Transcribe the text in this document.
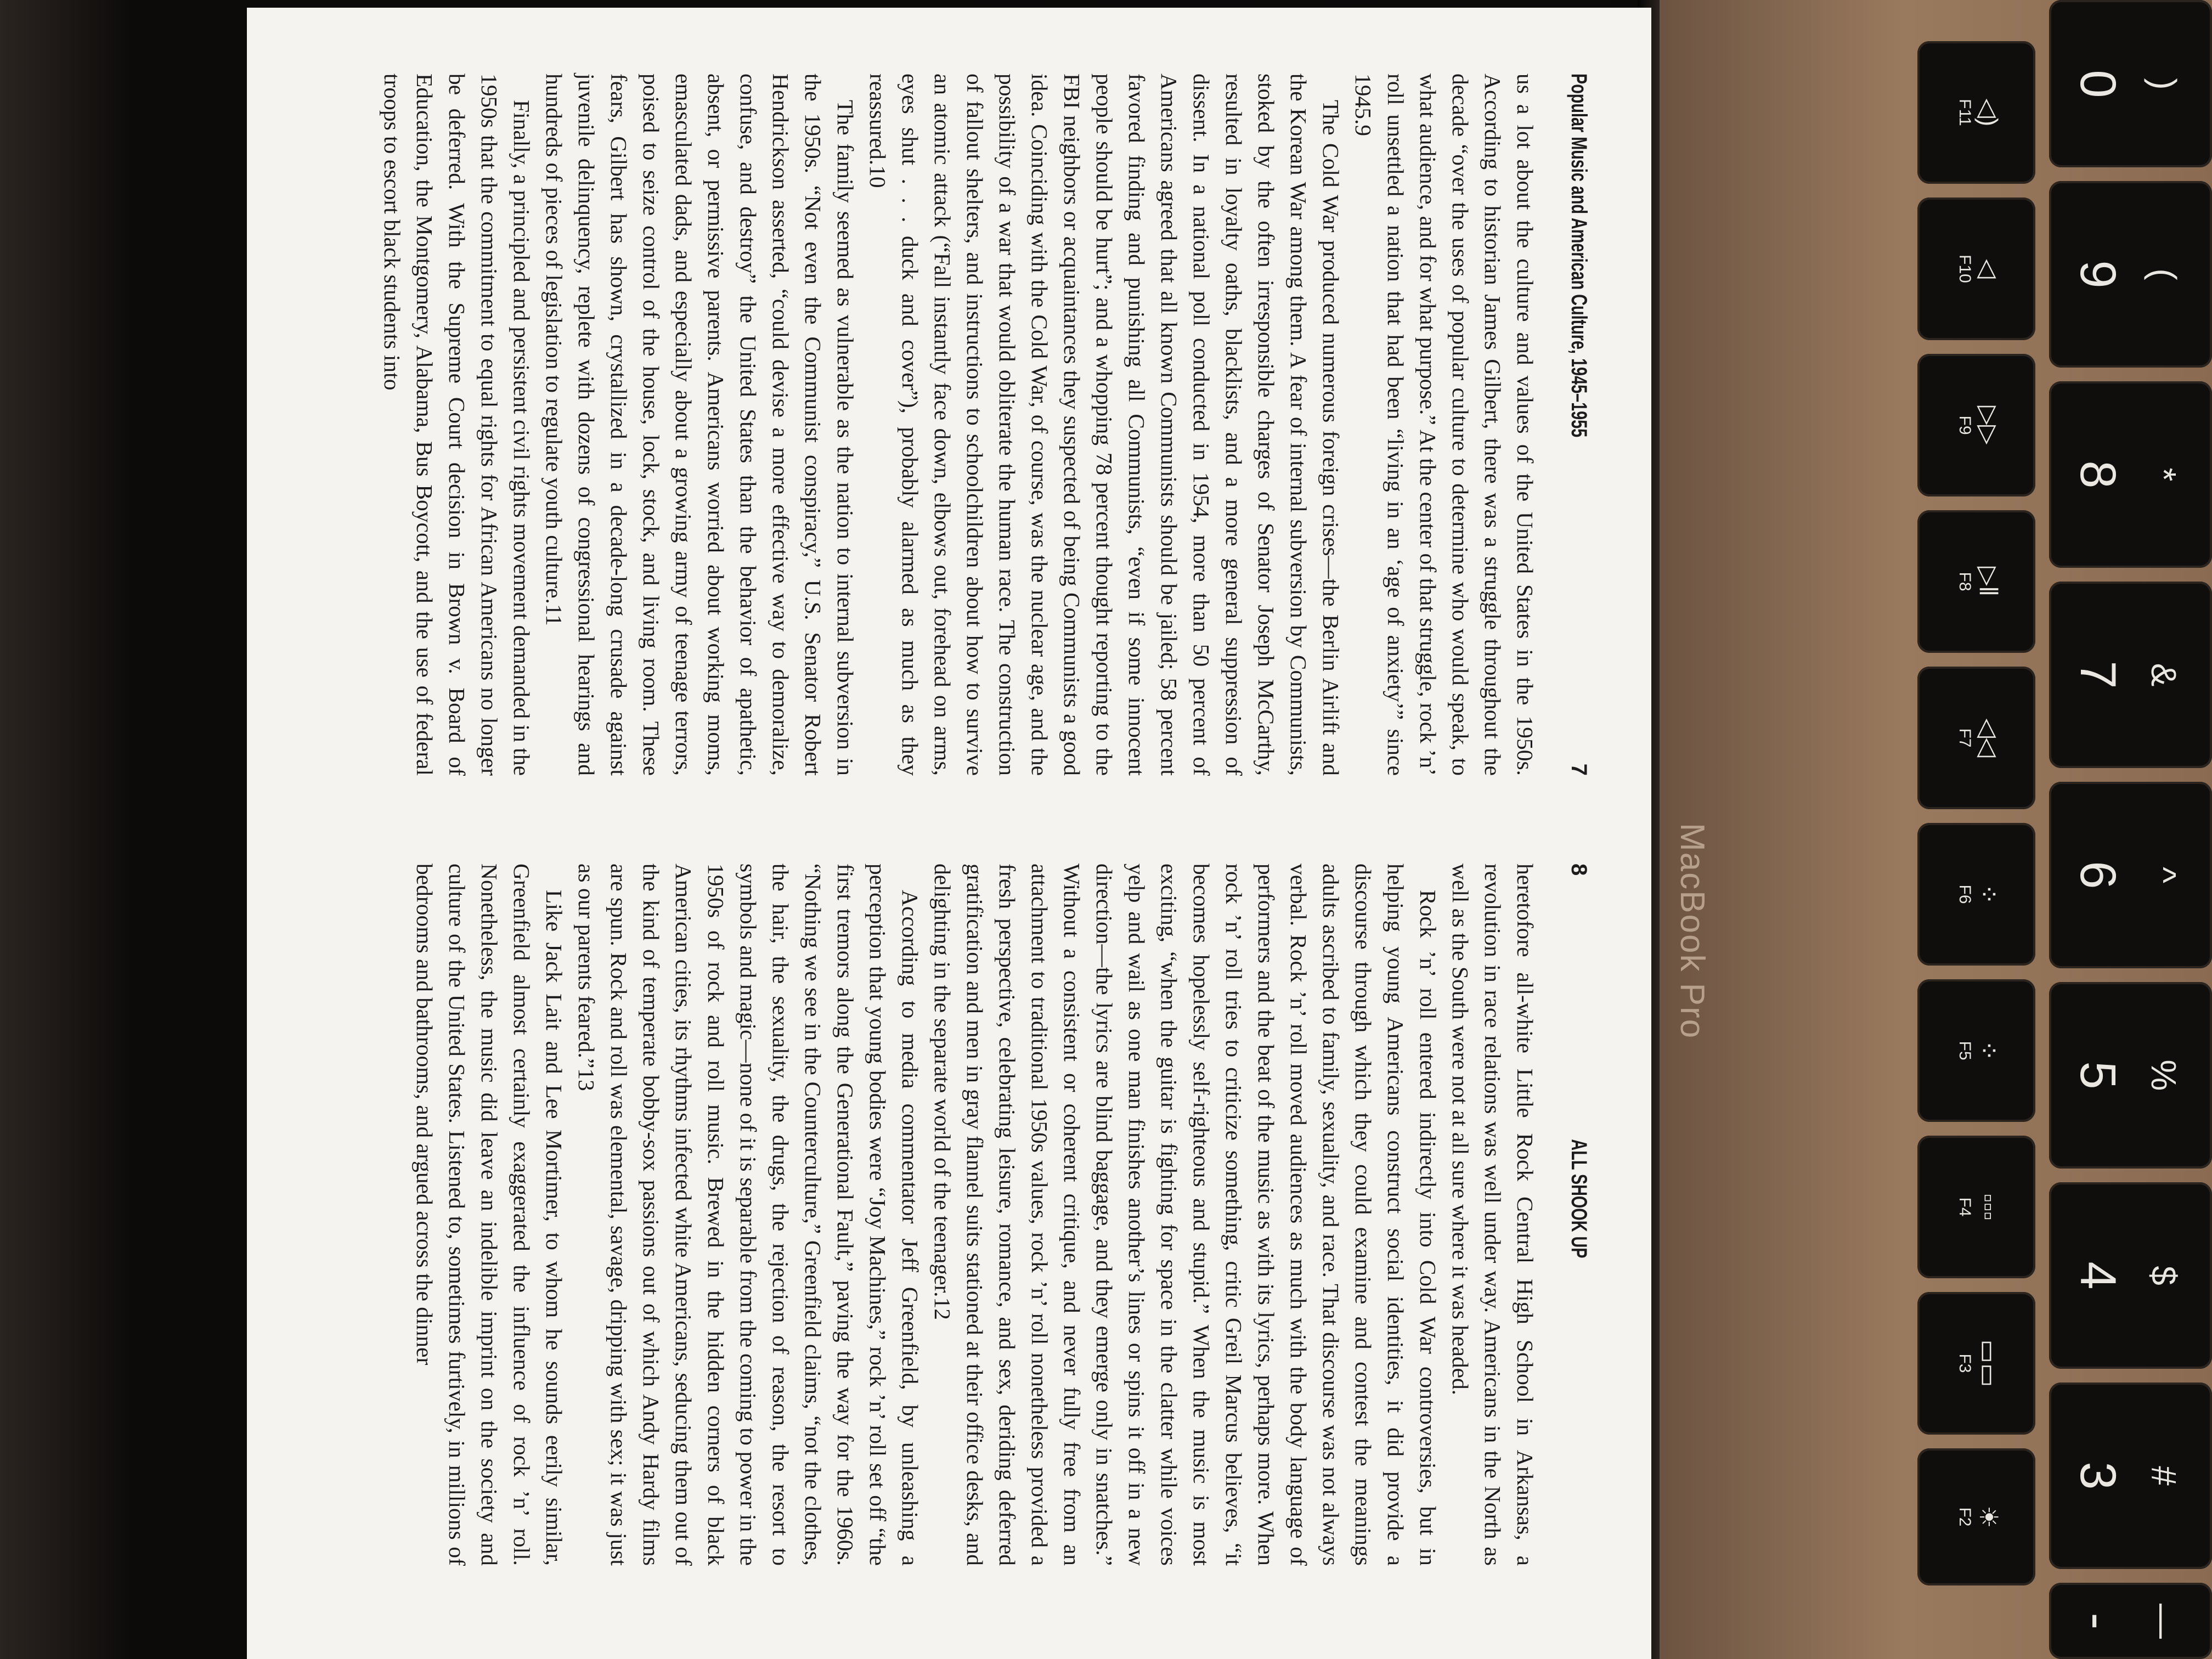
MacBook Pro
Popular Music and American Culture, 1945–1955
7

us a lot about the culture and values of the United States in the 1950s. According to historian James Gilbert, there was a struggle throughout the decade “over the uses of popular culture to determine who would speak, to what audience, and for what purpose.” At the center of that struggle, rock ’n’ roll unsettled a nation that had been “living in an ‘age of anxiety’” since 1945.9

The Cold War produced numerous foreign crises—the Berlin Airlift and the Korean War among them. A fear of internal subversion by Communists, stoked by the often irresponsible charges of Senator Joseph McCarthy, resulted in loyalty oaths, blacklists, and a more general suppression of dissent. In a national poll conducted in 1954, more than 50 percent of Americans agreed that all known Communists should be jailed; 58 percent favored finding and punishing all Communists, “even if some innocent people should be hurt”; and a whopping 78 percent thought reporting to the FBI neighbors or acquaintances they suspected of being Communists a good idea. Coinciding with the Cold War, of course, was the nuclear age, and the possibility of a war that would obliterate the human race. The construction of fallout shelters, and instructions to schoolchildren about how to survive an atomic attack (“Fall instantly face down, elbows out, forehead on arms, eyes shut . . . duck and cover”), probably alarmed as much as they reassured.10

The family seemed as vulnerable as the nation to internal subversion in the 1950s. “Not even the Communist conspiracy,” U.S. Senator Robert Hendrickson asserted, “could devise a more effective way to demoralize, confuse, and destroy” the United States than the behavior of apathetic, absent, or permissive parents. Americans worried about working moms, emasculated dads, and especially about a growing army of teenage terrors, poised to seize control of the house, lock, stock, and living room. These fears, Gilbert has shown, crystallized in a decade-long crusade against juvenile delinquency, replete with dozens of congressional hearings and hundreds of pieces of legislation to regulate youth culture.11

Finally, a principled and persistent civil rights movement demanded in the 1950s that the commitment to equal rights for African Americans no longer be deferred. With the Supreme Court decision in Brown v. Board of Education, the Montgomery, Alabama, Bus Boycott, and the use of federal troops to escort black students into

8
ALL SHOOK UP

heretofore all-white Little Rock Central High School in Arkansas, a revolution in race relations was well under way. Americans in the North as well as the South were not at all sure where it was headed.

Rock ’n’ roll entered indirectly into Cold War controversies, but in helping young Americans construct social identities, it did provide a discourse through which they could examine and contest the meanings adults ascribed to family, sexuality, and race. That discourse was not always verbal. Rock ’n’ roll moved audiences as much with the body language of performers and the beat of the music as with its lyrics, perhaps more. When rock ’n’ roll tries to criticize something, critic Greil Marcus believes, “it becomes hopelessly self-righteous and stupid.” When the music is most exciting, “when the guitar is fighting for space in the clatter while voices yelp and wail as one man finishes another’s lines or spins it off in a new direction—the lyrics are blind baggage, and they emerge only in snatches.” Without a consistent or coherent critique, and never fully free from an attachment to traditional 1950s values, rock ’n’ roll nonetheless provided a fresh perspective, celebrating leisure, romance, and sex, deriding deferred gratification and men in gray flannel suits stationed at their office desks, and delighting in the separate world of the teenager.12

According to media commentator Jeff Greenfield, by unleashing a perception that young bodies were “Joy Machines,” rock ’n’ roll set off “the first tremors along the Generational Fault,” paving the way for the 1960s. “Nothing we see in the Counterculture,” Greenfield claims, “not the clothes, the hair, the sexuality, the drugs, the rejection of reason, the resort to symbols and magic—none of it is separable from the coming to power in the 1950s of rock and roll music. Brewed in the hidden corners of black American cities, its rhythms infected white Americans, seducing them out of the kind of temperate bobby-sox passions out of which Andy Hardy films are spun. Rock and roll was elemental, savage, dripping with sex; it was just as our parents feared.”13

Like Jack Lait and Lee Mortimer, to whom he sounds eerily similar, Greenfield almost certainly exaggerated the influence of rock ’n’ roll. Nonetheless, the music did leave an indelible imprint on the society and culture of the United States. Listened to, sometimes furtively, in millions of bedrooms and bathrooms, and argued across the dinner

☀
F2
▭▭
F3
▫▫▫
F4
⁘
F5
⁘
F6
◁◁
F7
▷‖
F8
▷▷
F9
◁
F10
◁)
F11
#
3
$
4
%
5
^
6
&
7
*
8
(
9
)
0
—
-
